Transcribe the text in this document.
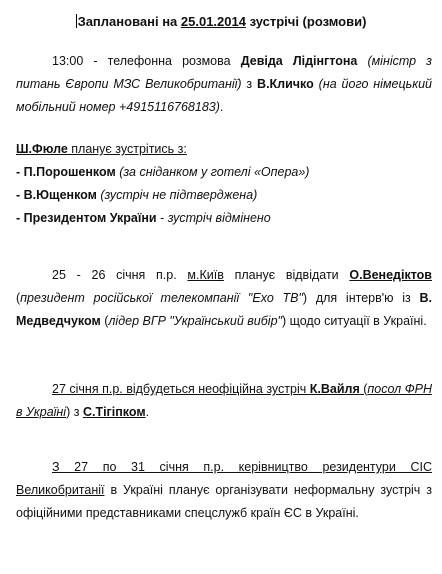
Заплановані на 25.01.2014 зустрічі (розмови)
13:00 - телефонна розмова Девіда Лідінгтона (міністр з питань Європи МЗС Великобританії) з В.Кличко (на його німецький мобільний номер +4915116768183).
Ш.Фюле планує зустрітись з:
- П.Порошенком (за сніданком у готелі «Опера»)
- В.Ющенком (зустріч не підтверджена)
- Президентом України - зустріч відмінено
25 - 26 січня п.р. м.Київ планує відвідати О.Венедіктов (президент російської телекомпанії "Ехо ТВ") для інтерв'ю із В. Медведчуком (лідер ВГР "Український вибір") щодо ситуації в Україні.
27 січня п.р. відбудеться неофіційна зустріч К.Вайля (посол ФРН в Україні) з С.Тігіпком.
З 27 по 31 січня п.р. керівництво резидентури СІС Великобританії в Україні планує організувати неформальну зустріч з офіційними представниками спецслужб країн ЄС в Україні.
